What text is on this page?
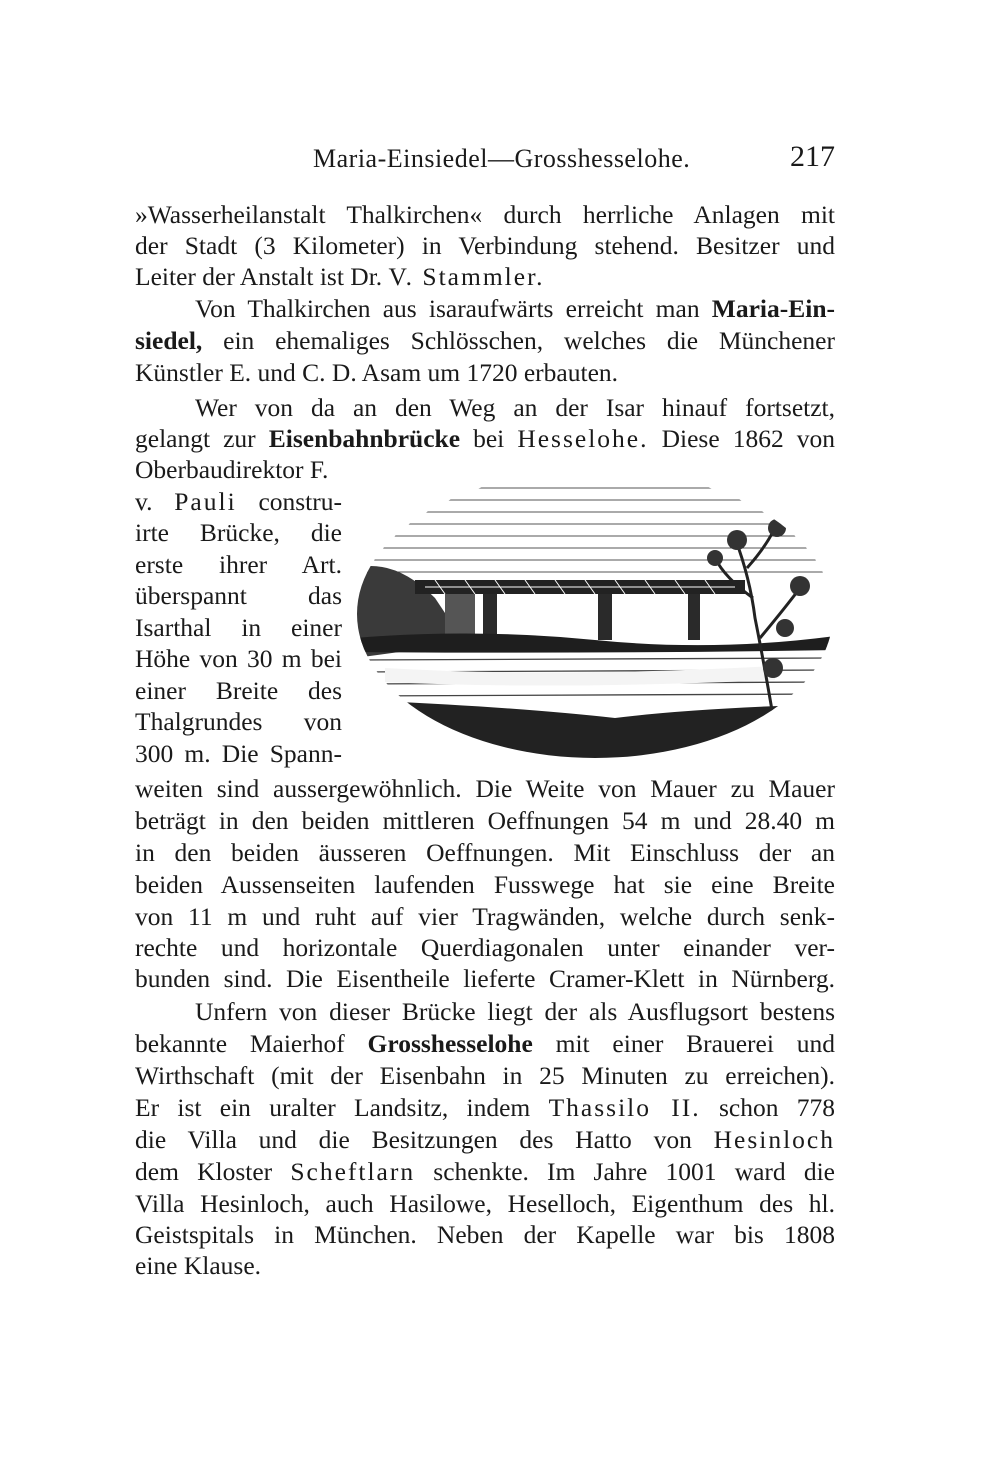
Maria-Einsiedel—Grosshesselohe.	217
»Wasserheilanstalt Thalkirchen« durch herrliche Anlagen mit
der Stadt (3 Kilometer) in Verbindung stehend. Besitzer und
Leiter der Anstalt ist Dr. V. Stammler.
Von Thalkirchen aus isaraufwärts erreicht man Maria-Ein-
siedel, ein ehemaliges Schlösschen, welches die Münchener
Künstler E. und C. D. Asam um 1720 erbauten.
Wer von da an den Weg an der Isar hinauf fortsetzt,
gelangt zur Eisenbahnbrücke bei Hesselohe. Diese 1862 von
Oberbaudirektor F.
v. Pauli constru-
irte Brücke, die
erste ihrer Art.
überspannt das
Isarthal in einer
Höhe von 30 m bei
einer Breite des
Thalgrundes von
300 m. Die Spann-
weiten sind aussergewöhnlich. Die Weite von Mauer zu Mauer
beträgt in den beiden mittleren Oeffnungen 54 m und 28.40 m
in den beiden äusseren Oeffnungen. Mit Einschluss der an
beiden Aussenseiten laufenden Fusswege hat sie eine Breite
von 11 m und ruht auf vier Tragwänden, welche durch senk-
rechte und horizontale Querdiagonalen unter einander ver-
bunden sind. Die Eisentheile lieferte Cramer-Klett in Nürnberg.
Unfern von dieser Brücke liegt der als Ausflugsort bestens
bekannte Maierhof Grosshesselohe mit einer Brauerei und
Wirthschaft (mit der Eisenbahn in 25 Minuten zu erreichen).
Er ist ein uralter Landsitz, indem Thassilo II. schon 778
die Villa und die Besitzungen des Hatto von Hesinloch
dem Kloster Scheftlarn schenkte. Im Jahre 1001 ward die
Villa Hesinloch, auch Hasilowe, Heselloch, Eigenthum des hl.
Geistspitals in München. Neben der Kapelle war bis 1808
eine Klause.
